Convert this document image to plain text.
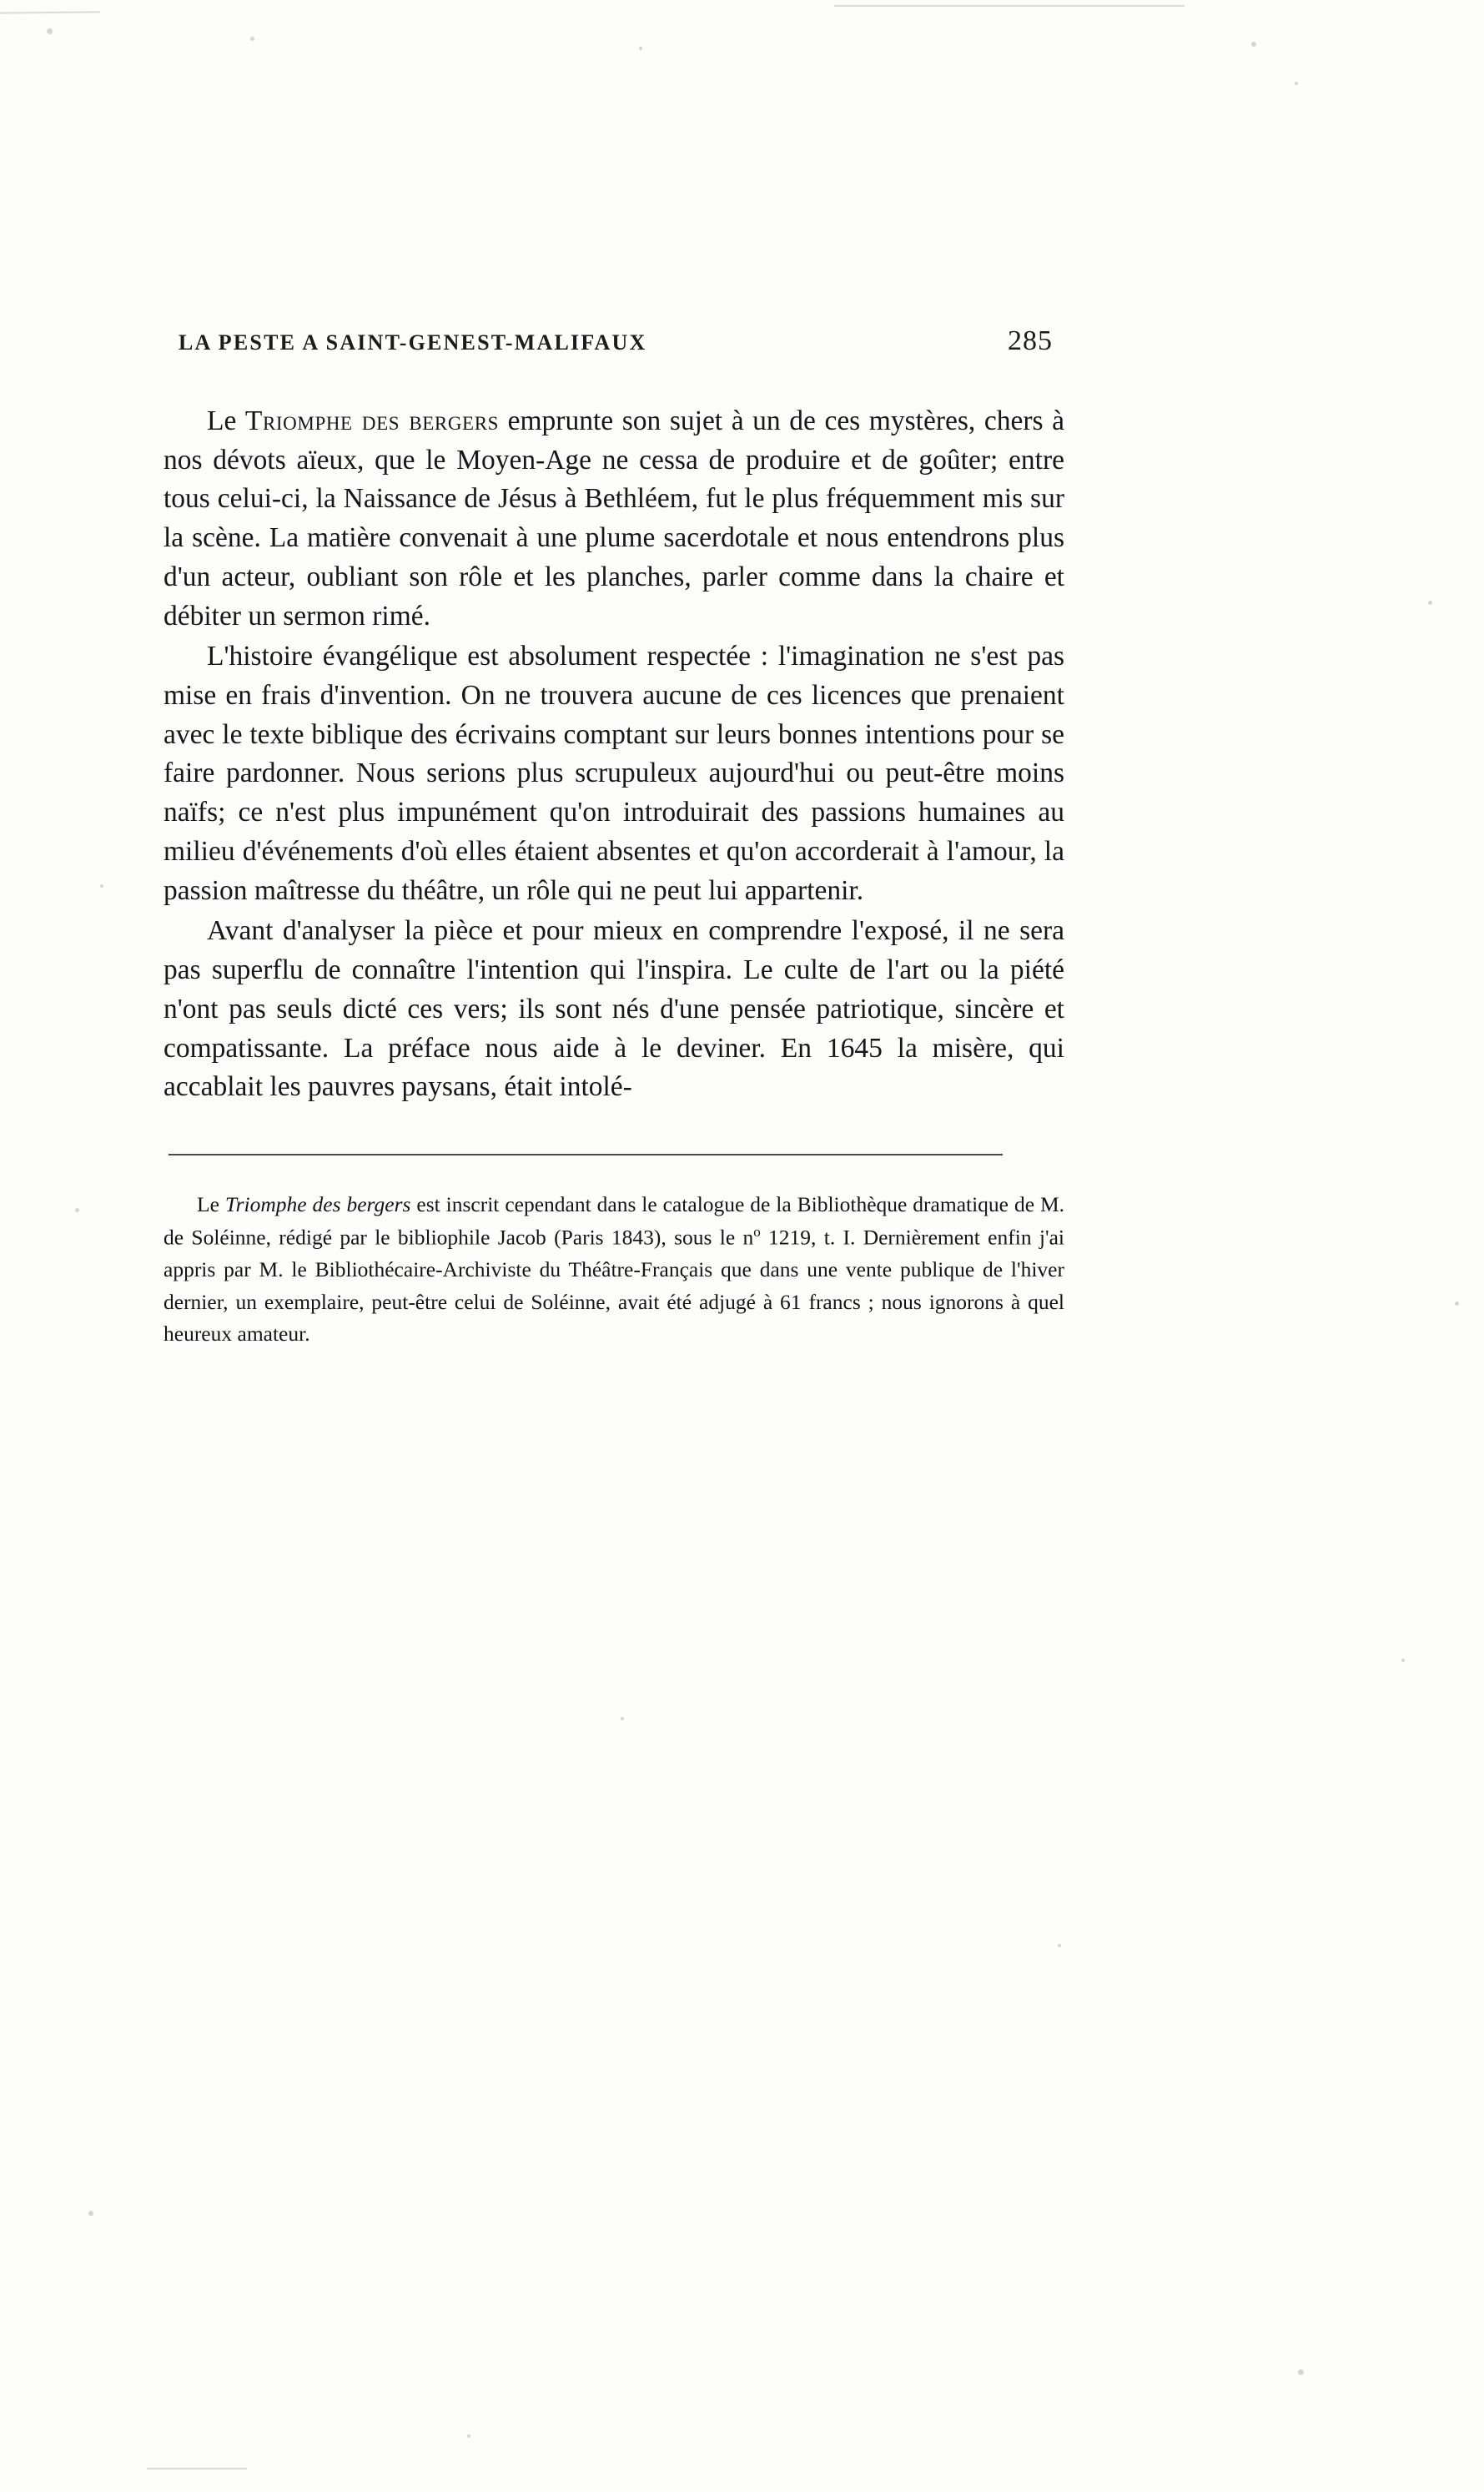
LA PESTE A SAINT-GENEST-MALIFAUX	285

Le Triomphe des bergers emprunte son sujet à un de ces mystères, chers à nos dévots aïeux, que le Moyen-Age ne cessa de produire et de goûter; entre tous celui-ci, la Naissance de Jésus à Bethléem, fut le plus fréquemment mis sur la scène. La matière convenait à une plume sacerdotale et nous entendrons plus d'un acteur, oubliant son rôle et les planches, parler comme dans la chaire et débiter un sermon rimé.

L'histoire évangélique est absolument respectée : l'imagination ne s'est pas mise en frais d'invention. On ne trouvera aucune de ces licences que prenaient avec le texte biblique des écrivains comptant sur leurs bonnes intentions pour se faire pardonner. Nous serions plus scrupuleux aujourd'hui ou peut-être moins naïfs; ce n'est plus impunément qu'on introduirait des passions humaines au milieu d'événements d'où elles étaient absentes et qu'on accorderait à l'amour, la passion maîtresse du théâtre, un rôle qui ne peut lui appartenir.

Avant d'analyser la pièce et pour mieux en comprendre l'exposé, il ne sera pas superflu de connaître l'intention qui l'inspira. Le culte de l'art ou la piété n'ont pas seuls dicté ces vers; ils sont nés d'une pensée patriotique, sincère et compatissante. La préface nous aide à le deviner. En 1645 la misère, qui accablait les pauvres paysans, était intolé-

Le Triomphe des bergers est inscrit cependant dans le catalogue de la Bibliothèque dramatique de M. de Soléinne, rédigé par le bibliophile Jacob (Paris 1843), sous le $n^o$ 1219, t. I. Dernièrement enfin j'ai appris par M. le Bibliothécaire-Archiviste du Théâtre-Français que dans une vente publique de l'hiver dernier, un exemplaire, peut-être celui de Soléinne, avait été adjugé à 61 francs ; nous ignorons à quel heureux amateur.
